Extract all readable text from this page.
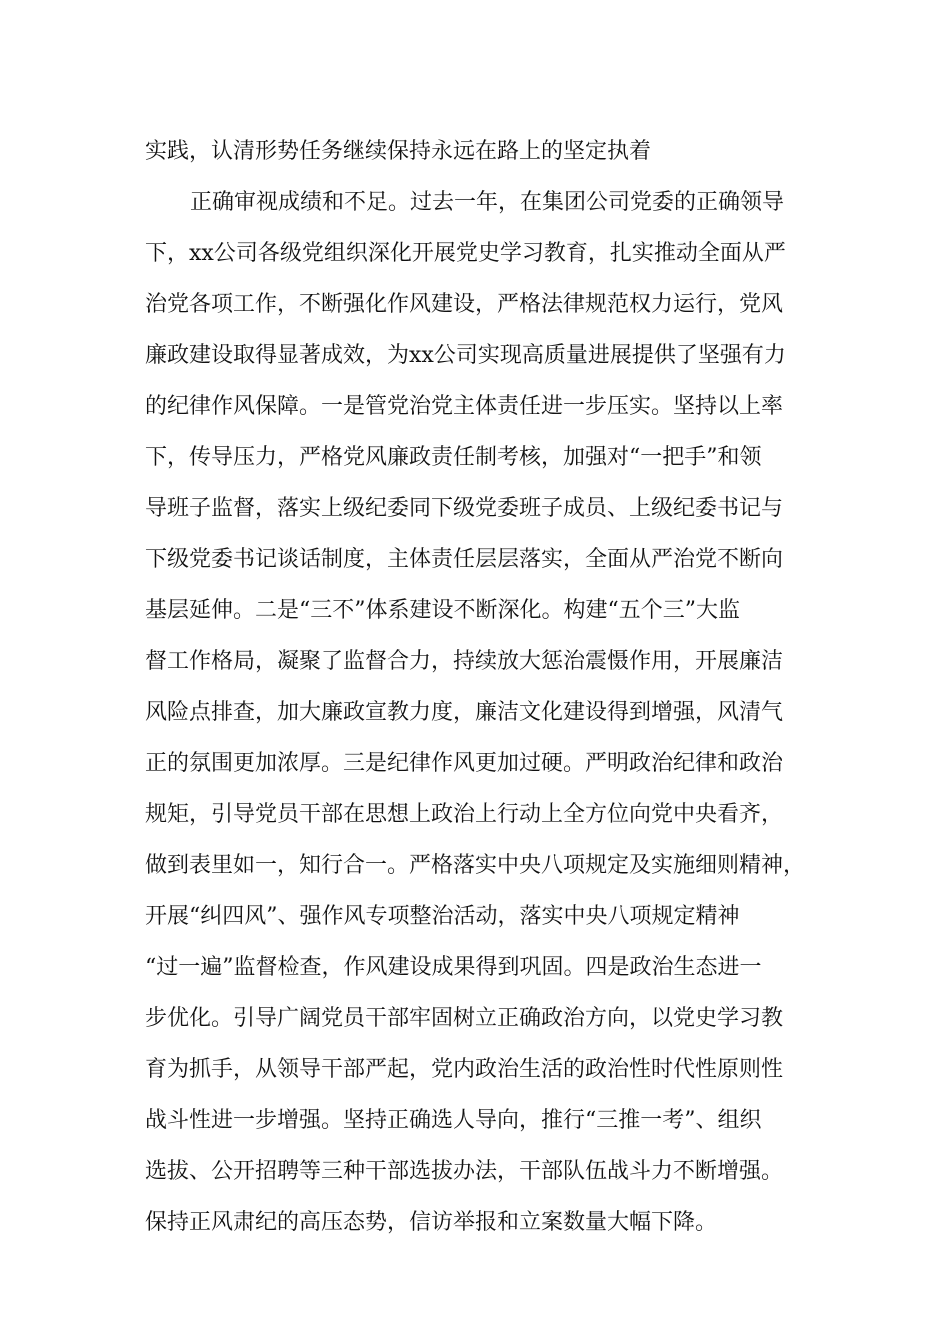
实践，认清形势任务继续保持永远在路上的坚定执着
正确审视成绩和不足。过去一年，在集团公司党委的正确领导
下，xx公司各级党组织深化开展党史学习教育，扎实推动全面从严
治党各项工作，不断强化作风建设，严格法律规范权力运行，党风
廉政建设取得显著成效，为xx公司实现高质量进展提供了坚强有力
的纪律作风保障。一是管党治党主体责任进一步压实。坚持以上率
下，传导压力，严格党风廉政责任制考核，加强对“一把手”和领
导班子监督，落实上级纪委同下级党委班子成员、上级纪委书记与
下级党委书记谈话制度，主体责任层层落实，全面从严治党不断向
基层延伸。二是“三不”体系建设不断深化。构建“五个三”大监
督工作格局，凝聚了监督合力，持续放大惩治震慑作用，开展廉洁
风险点排查，加大廉政宣教力度，廉洁文化建设得到增强，风清气
正的氛围更加浓厚。三是纪律作风更加过硬。严明政治纪律和政治
规矩，引导党员干部在思想上政治上行动上全方位向党中央看齐，
做到表里如一，知行合一。严格落实中央八项规定及实施细则精神，
开展“纠四风”、强作风专项整治活动，落实中央八项规定精神
“过一遍”监督检查，作风建设成果得到巩固。四是政治生态进一
步优化。引导广阔党员干部牢固树立正确政治方向，以党史学习教
育为抓手，从领导干部严起，党内政治生活的政治性时代性原则性
战斗性进一步增强。坚持正确选人导向，推行“三推一考”、组织
选拔、公开招聘等三种干部选拔办法，干部队伍战斗力不断增强。
保持正风肃纪的高压态势，信访举报和立案数量大幅下降。
